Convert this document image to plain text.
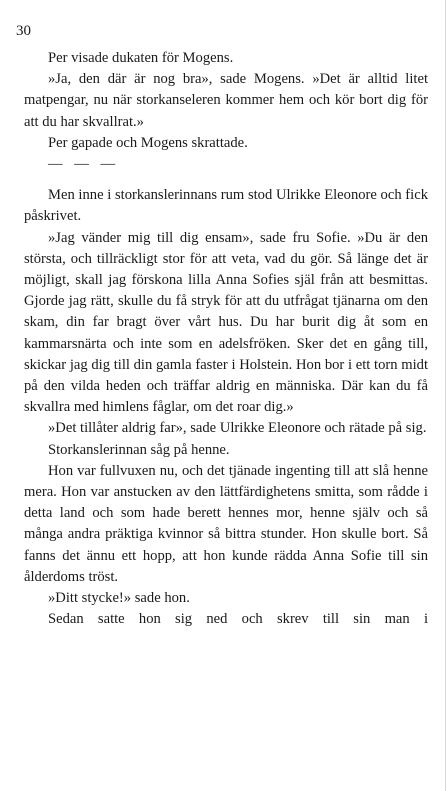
30

Per visade dukaten för Mogens.

»Ja, den där är nog bra», sade Mogens. »Det är alltid litet matpengar, nu när storkanseleren kommer hem och kör bort dig för att du har skvallrat.»

Per gapade och Mogens skrattade.

— — —

Men inne i storkanslerinnans rum stod Ulrikke Eleonore och fick påskrivet.

»Jag vänder mig till dig ensam», sade fru Sofie. »Du är den största, och tillräckligt stor för att veta, vad du gör. Så länge det är möjligt, skall jag förskona lilla Anna Sofies själ från att besmittas. Gjorde jag rätt, skulle du få stryk för att du utfrågat tjänarna om den skam, din far bragt över vårt hus. Du har burit dig åt som en kammarsnärta och inte som en adelsfröken. Sker det en gång till, skickar jag dig till din gamla faster i Holstein. Hon bor i ett torn midt på den vilda heden och träffar aldrig en människa. Där kan du få skvallra med himlens fåglar, om det roar dig.»

»Det tillåter aldrig far», sade Ulrikke Eleonore och rätade på sig.

Storkanslerinnan såg på henne.

Hon var fullvuxen nu, och det tjänade ingenting till att slå henne mera. Hon var anstucken av den lättfärdighetens smitta, som rådde i detta land och som hade berett hennes mor, henne själv och så många andra präktiga kvinnor så bittra stunder. Hon skulle bort. Så fanns det ännu ett hopp, att hon kunde rädda Anna Sofie till sin ålderdoms tröst.

»Ditt stycke!» sade hon.

Sedan satte hon sig ned och skrev till sin man i
